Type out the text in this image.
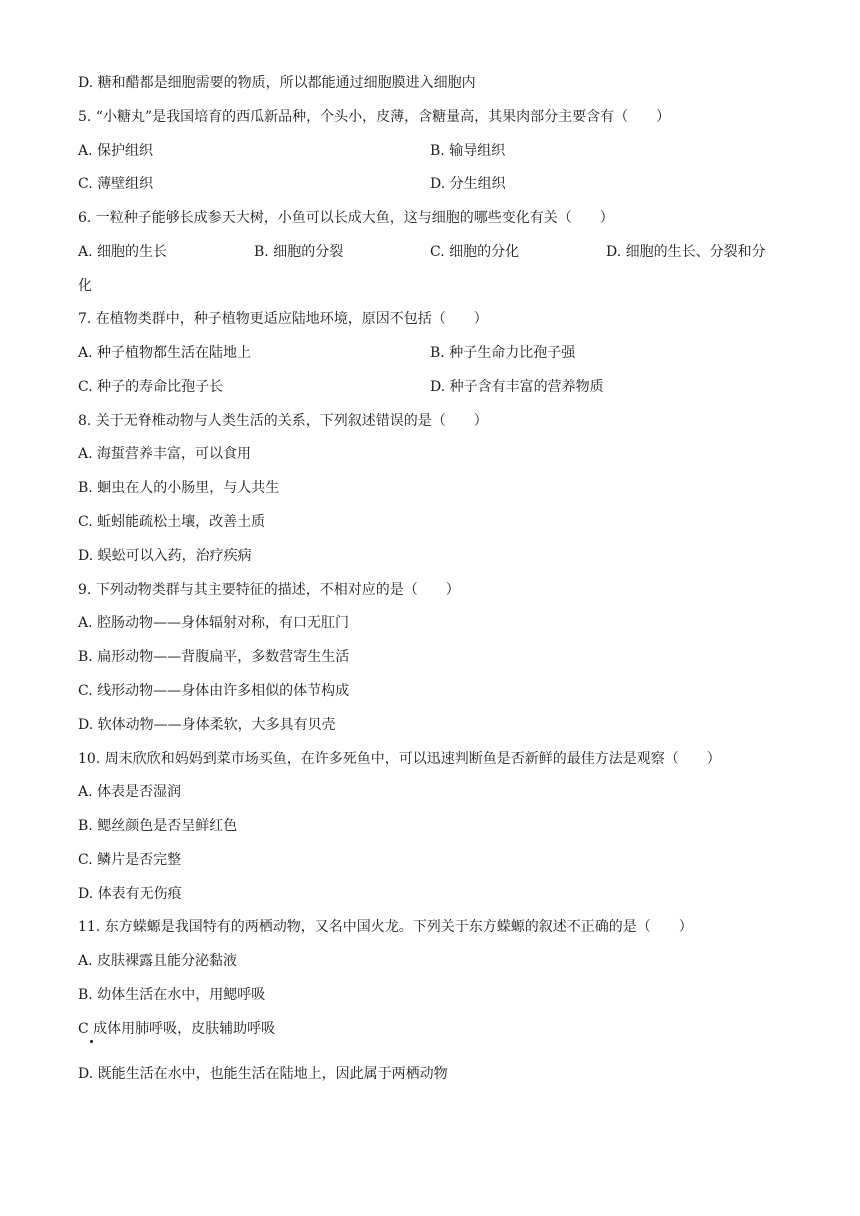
D. 糖和醋都是细胞需要的物质，所以都能通过细胞膜进入细胞内
5. “小糖丸”是我国培育的西瓜新品种，个头小，皮薄，含糖量高，其果肉部分主要含有（　　）
A. 保护组织	B. 输导组织
C. 薄壁组织	D. 分生组织
6. 一粒种子能够长成参天大树，小鱼可以长成大鱼，这与细胞的哪些变化有关（　　）
A. 细胞的生长	B. 细胞的分裂	C. 细胞的分化	D. 细胞的生长、分裂和分
化
7. 在植物类群中，种子植物更适应陆地环境，原因不包括（　　）
A. 种子植物都生活在陆地上	B. 种子生命力比孢子强
C. 种子的寿命比孢子长	D. 种子含有丰富的营养物质
8. 关于无脊椎动物与人类生活的关系，下列叙述错误的是（　　）
A. 海蜇营养丰富，可以食用
B. 蛔虫在人的小肠里，与人共生
C. 蚯蚓能疏松土壤，改善土质
D. 蜈蚣可以入药，治疗疾病
9. 下列动物类群与其主要特征的描述，不相对应的是（　　）
A. 腔肠动物——身体辐射对称，有口无肛门
B. 扁形动物——背腹扁平，多数营寄生生活
C. 线形动物——身体由许多相似的体节构成
D. 软体动物——身体柔软，大多具有贝壳
10. 周末欣欣和妈妈到菜市场买鱼，在许多死鱼中，可以迅速判断鱼是否新鲜的最佳方法是观察（　　）
A. 体表是否湿润
B. 鳃丝颜色是否呈鲜红色
C. 鳞片是否完整
D. 体表有无伤痕
11. 东方蝾螈是我国特有的两栖动物，又名中国火龙。下列关于东方蝾螈的叙述不正确的是（　　）
A. 皮肤裸露且能分泌黏液
B. 幼体生活在水中，用鳃呼吸
C 成体用肺呼吸，皮肤辅助呼吸
D. 既能生活在水中，也能生活在陆地上，因此属于两栖动物
